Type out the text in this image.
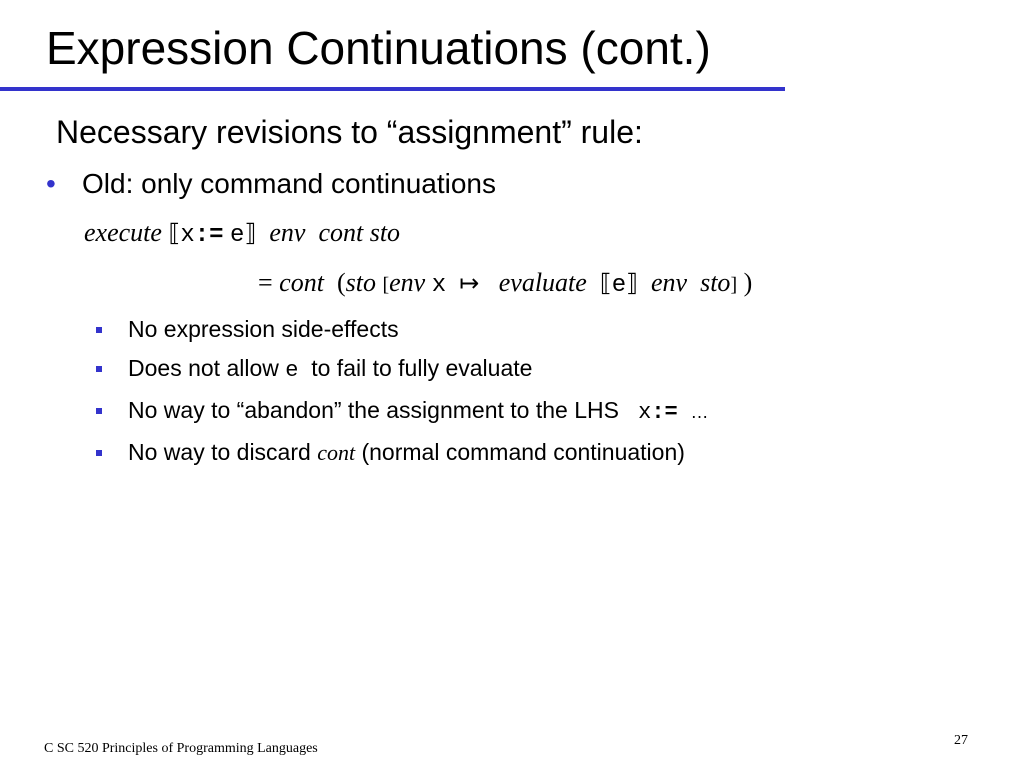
Expression Continuations (cont.)
Necessary revisions to “assignment” rule:
• Old: only command continuations
execute ⟦x:= e⟧ env cont sto
= cont (sto [env x ↦ evaluate ⟦e⟧ env sto] )
No expression side-effects
Does not allow e to fail to fully evaluate
No way to “abandon” the assignment to the LHS x:= …
No way to discard cont (normal command continuation)
C SC 520 Principles of Programming Languages
27
